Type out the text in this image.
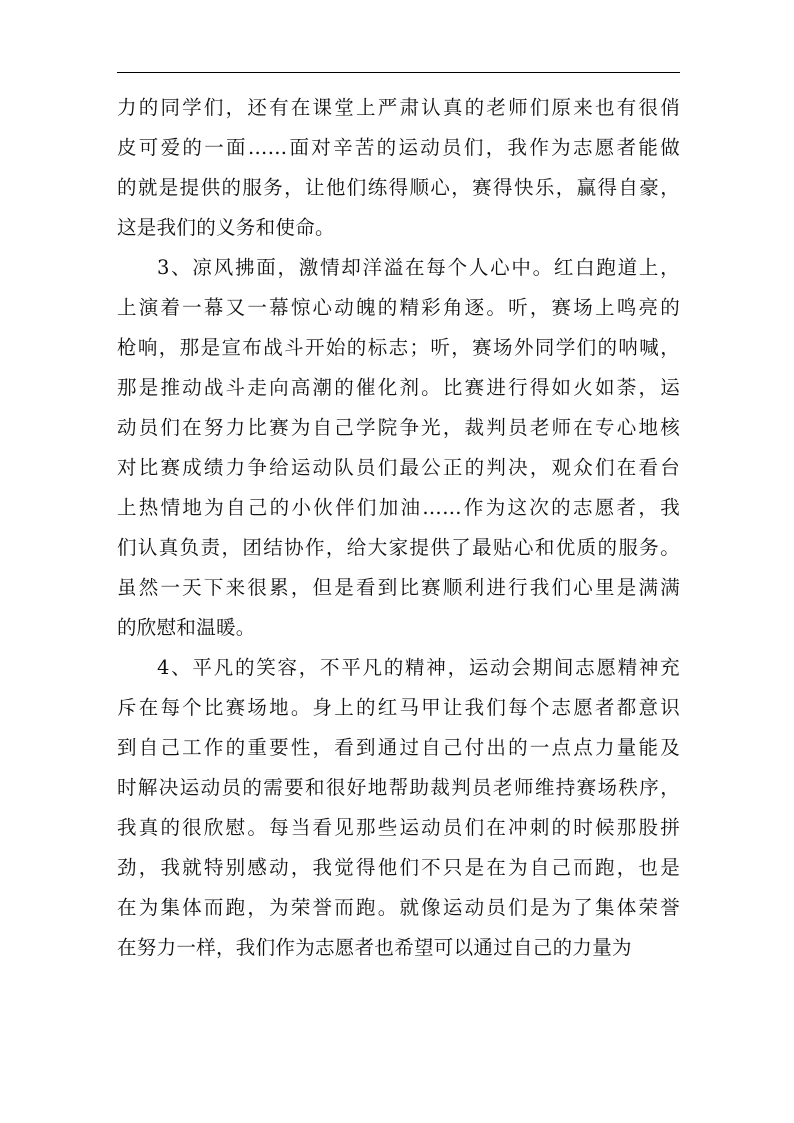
力的同学们，还有在课堂上严肃认真的老师们原来也有很俏
皮可爱的一面……面对辛苦的运动员们，我作为志愿者能做
的就是提供的服务，让他们练得顺心，赛得快乐，赢得自豪，
这是我们的义务和使命。
3、凉风拂面，激情却洋溢在每个人心中。红白跑道上，
上演着一幕又一幕惊心动魄的精彩角逐。听，赛场上鸣亮的
枪响，那是宣布战斗开始的标志；听，赛场外同学们的呐喊，
那是推动战斗走向高潮的催化剂。比赛进行得如火如荼，运
动员们在努力比赛为自己学院争光，裁判员老师在专心地核
对比赛成绩力争给运动队员们最公正的判决，观众们在看台
上热情地为自己的小伙伴们加油……作为这次的志愿者，我
们认真负责，团结协作，给大家提供了最贴心和优质的服务。
虽然一天下来很累，但是看到比赛顺利进行我们心里是满满
的欣慰和温暖。
4、平凡的笑容，不平凡的精神，运动会期间志愿精神充
斥在每个比赛场地。身上的红马甲让我们每个志愿者都意识
到自己工作的重要性，看到通过自己付出的一点点力量能及
时解决运动员的需要和很好地帮助裁判员老师维持赛场秩序，
我真的很欣慰。每当看见那些运动员们在冲刺的时候那股拼
劲，我就特别感动，我觉得他们不只是在为自己而跑，也是
在为集体而跑，为荣誉而跑。就像运动员们是为了集体荣誉
在努力一样，我们作为志愿者也希望可以通过自己的力量为
